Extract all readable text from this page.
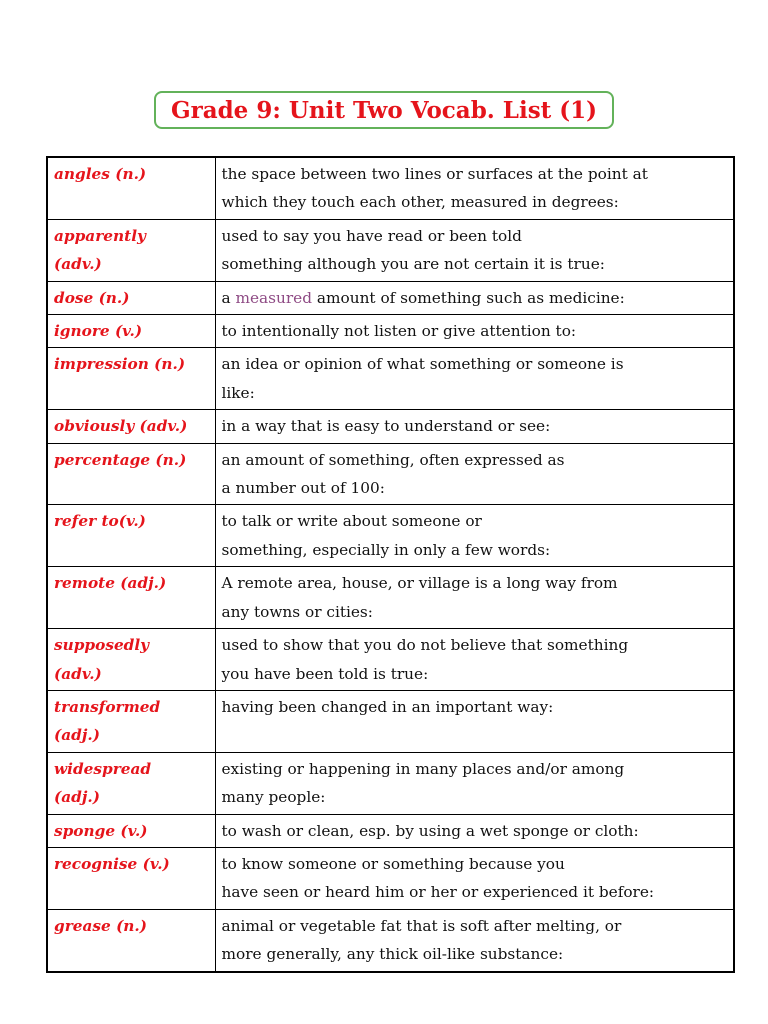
Grade 9: Unit Two Vocab. List (1)
angles (n.)	the space between two lines or surfaces at the point at
which they touch each other, measured in degrees:
apparently
(adv.)	used to say you have read or been told
something although you are not certain it is true:
dose (n.)	a measured amount of something such as medicine:
ignore (v.)	to intentionally not listen or give attention to:
impression (n.)	an idea or opinion of what something or someone is
like:
obviously (adv.)	in a way that is easy to understand or see:
percentage (n.)	an amount of something, often expressed as
a number out of 100:
refer to(v.)	to talk or write about someone or
something, especially in only a few words:
remote (adj.)	A remote area, house, or village is a long way from
any towns or cities:
supposedly
(adv.)	used to show that you do not believe that something
you have been told is true:
transformed
(adj.)	having been changed in an important way:

widespread
(adj.)	existing or happening in many places and/or among
many people:
sponge (v.)	to wash or clean, esp. by using a wet sponge or cloth:
recognise (v.)	to know someone or something because you
have seen or heard him or her or experienced it before:
grease (n.)	animal or vegetable fat that is soft after melting, or
more generally, any thick oil-like substance:
